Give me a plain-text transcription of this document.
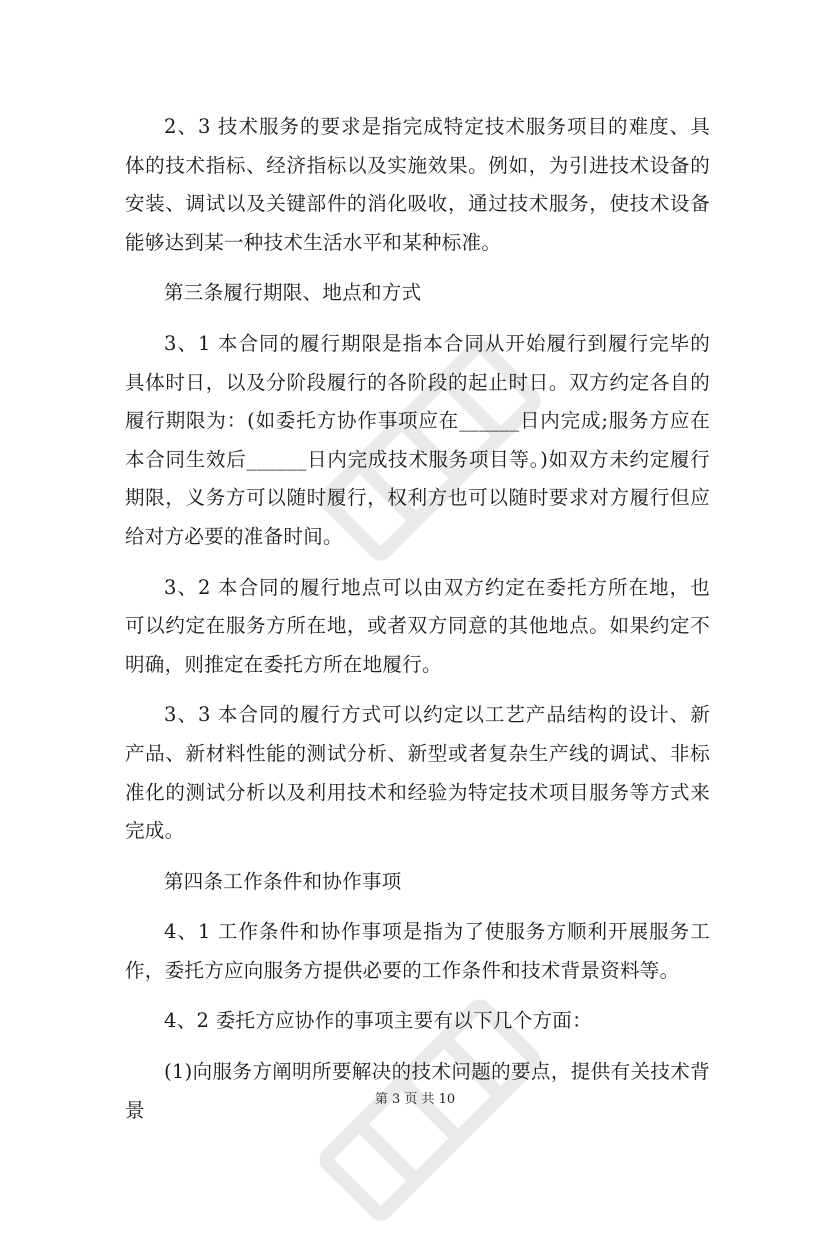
2、3 技术服务的要求是指完成特定技术服务项目的难度、具体的技术指标、经济指标以及实施效果。例如，为引进技术设备的安装、调试以及关键部件的消化吸收，通过技术服务，使技术设备能够达到某一种技术生活水平和某种标准。

第三条履行期限、地点和方式

3、1 本合同的履行期限是指本合同从开始履行到履行完毕的具体时日，以及分阶段履行的各阶段的起止时日。双方约定各自的履行期限为：(如委托方协作事项应在______日内完成;服务方应在本合同生效后______日内完成技术服务项目等。)如双方未约定履行期限，义务方可以随时履行，权利方也可以随时要求对方履行但应给对方必要的准备时间。

3、2 本合同的履行地点可以由双方约定在委托方所在地，也可以约定在服务方所在地，或者双方同意的其他地点。如果约定不明确，则推定在委托方所在地履行。

3、3 本合同的履行方式可以约定以工艺产品结构的设计、新产品、新材料性能的测试分析、新型或者复杂生产线的调试、非标准化的测试分析以及利用技术和经验为特定技术项目服务等方式来完成。

第四条工作条件和协作事项

4、1 工作条件和协作事项是指为了使服务方顺利开展服务工作，委托方应向服务方提供必要的工作条件和技术背景资料等。

4、2 委托方应协作的事项主要有以下几个方面：

(1)向服务方阐明所要解决的技术问题的要点，提供有关技术背景	第 3 页 共 10
